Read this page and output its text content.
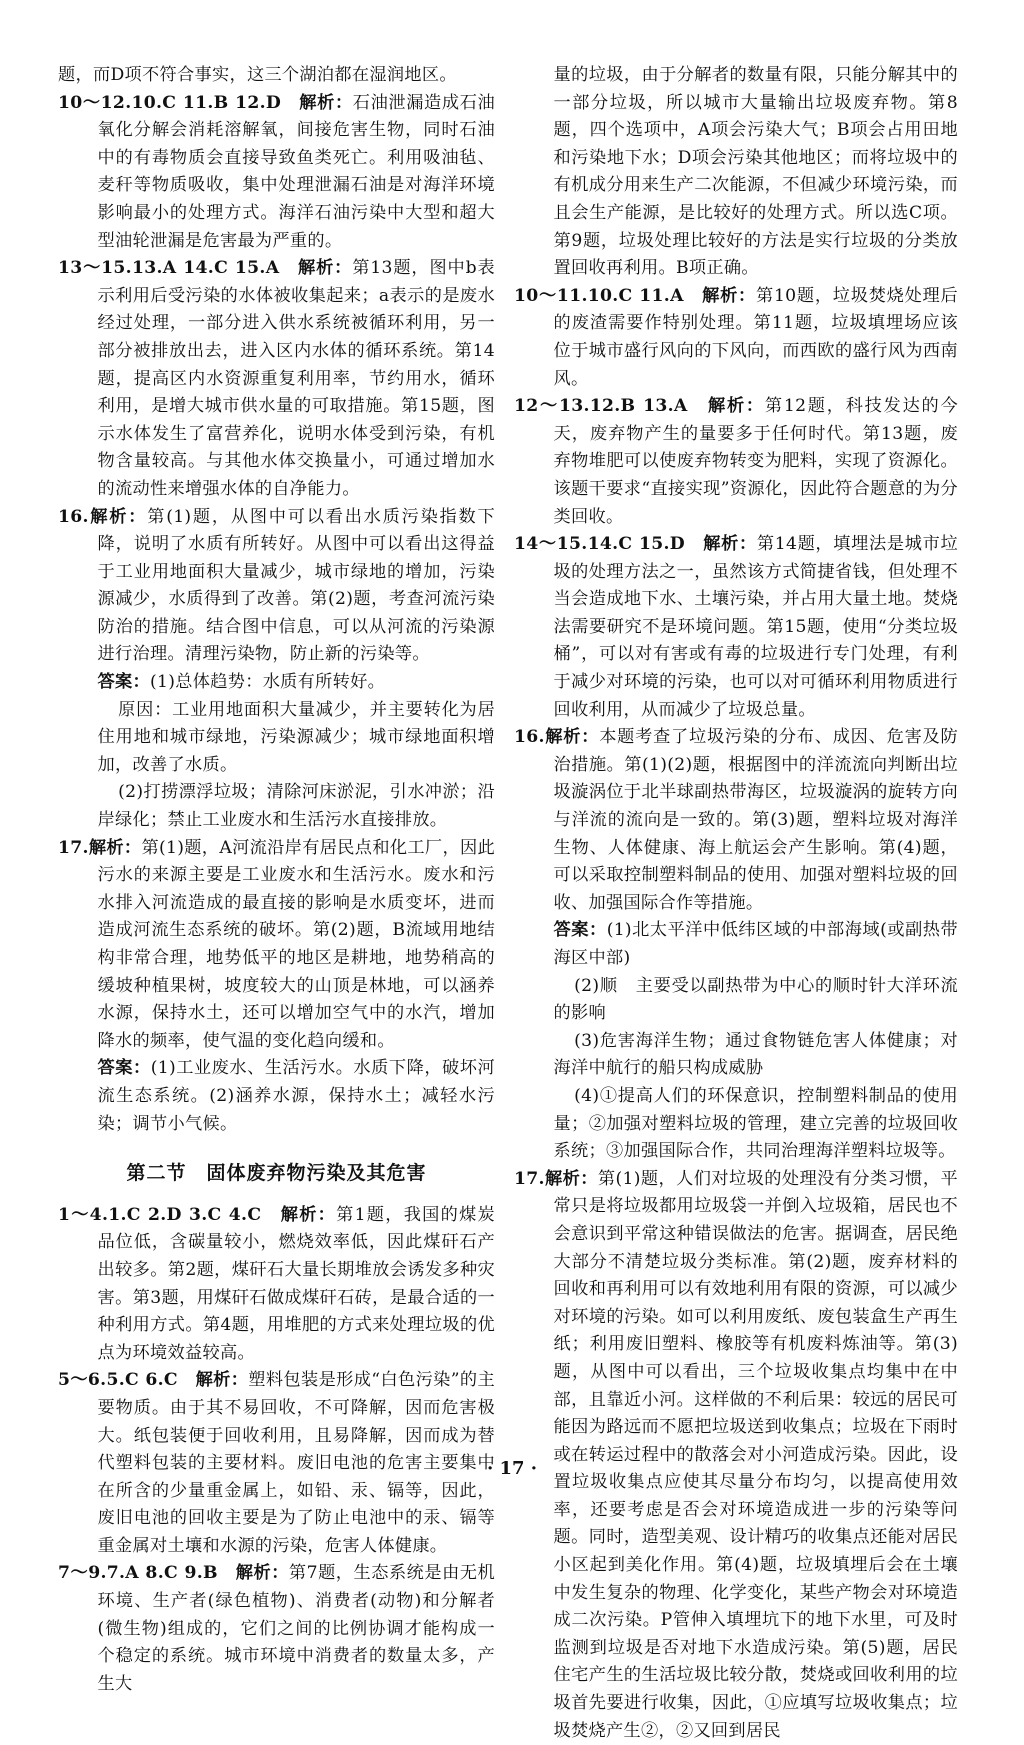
题，而D项不符合事实，这三个湖泊都在湿润地区。

10～12.10.C 11.B 12.D　 解析：石油泄漏造成石油氧化分解会消耗溶解氧，间接危害生物，同时石油中的有毒物质会直接导致鱼类死亡。利用吸油毡、麦秆等物质吸收，集中处理泄漏石油是对海洋环境影响最小的处理方式。海洋石油污染中大型和超大型油轮泄漏是危害最为严重的。

13～15.13.A 14.C 15.A　 解析：第13题，图中b表示利用后受污染的水体被收集起来；a表示的是废水经过处理，一部分进入供水系统被循环利用，另一部分被排放出去，进入区内水体的循环系统。第14题，提高区内水资源重复利用率，节约用水，循环利用，是增大城市供水量的可取措施。第15题，图示水体发生了富营养化，说明水体受到污染，有机物含量较高。与其他水体交换量小，可通过增加水的流动性来增强水体的自净能力。

16.解析：第(1)题，从图中可以看出水质污染指数下降，说明了水质有所转好。从图中可以看出这得益于工业用地面积大量减少，城市绿地的增加，污染源减少，水质得到了改善。第(2)题，考查河流污染防治的措施。结合图中信息，可以从河流的污染源进行治理。清理污染物，防止新的污染等。

答案：(1)总体趋势：水质有所转好。

原因：工业用地面积大量减少，并主要转化为居住用地和城市绿地，污染源减少；城市绿地面积增加，改善了水质。

(2)打捞漂浮垃圾；清除河床淤泥，引水冲淤；沿岸绿化；禁止工业废水和生活污水直接排放。

17.解析：第(1)题，A河流沿岸有居民点和化工厂，因此污水的来源主要是工业废水和生活污水。废水和污水排入河流造成的最直接的影响是水质变坏，进而造成河流生态系统的破坏。第(2)题，B流域用地结构非常合理，地势低平的地区是耕地，地势稍高的缓坡种植果树，坡度较大的山顶是林地，可以涵养水源，保持水土，还可以增加空气中的水汽，增加降水的频率，使气温的变化趋向缓和。

答案：(1)工业废水、生活污水。水质下降，破坏河流生态系统。(2)涵养水源，保持水土；减轻水污染；调节小气候。

第二节　固体废弃物污染及其危害

1～4.1.C 2.D 3.C 4.C　 解析：第1题，我国的煤炭品位低，含碳量较小，燃烧效率低，因此煤矸石产出较多。第2题，煤矸石大量长期堆放会诱发多种灾害。第3题，用煤矸石做成煤矸石砖，是最合适的一种利用方式。第4题，用堆肥的方式来处理垃圾的优点为环境效益较高。

5～6.5.C 6.C　 解析：塑料包装是形成“白色污染”的主要物质。由于其不易回收，不可降解，因而危害极大。纸包装便于回收利用，且易降解，因而成为替代塑料包装的主要材料。废旧电池的危害主要集中在所含的少量重金属上，如铅、汞、镉等，因此，废旧电池的回收主要是为了防止电池中的汞、镉等重金属对土壤和水源的污染，危害人体健康。

7～9.7.A 8.C 9.B　 解析：第7题，生态系统是由无机环境、生产者(绿色植物)、消费者(动物)和分解者(微生物)组成的，它们之间的比例协调才能构成一个稳定的系统。城市环境中消费者的数量太多，产生大

量的垃圾，由于分解者的数量有限，只能分解其中的一部分垃圾，所以城市大量输出垃圾废弃物。第8题，四个选项中，A项会污染大气；B项会占用田地和污染地下水；D项会污染其他地区；而将垃圾中的有机成分用来生产二次能源，不但减少环境污染，而且会生产能源，是比较好的处理方式。所以选C项。第9题，垃圾处理比较好的方法是实行垃圾的分类放置回收再利用。B项正确。

10～11.10.C 11.A　 解析：第10题，垃圾焚烧处理后的废渣需要作特别处理。第11题，垃圾填埋场应该位于城市盛行风向的下风向，而西欧的盛行风为西南风。

12～13.12.B 13.A　 解析：第12题，科技发达的今天，废弃物产生的量要多于任何时代。第13题，废弃物堆肥可以使废弃物转变为肥料，实现了资源化。该题干要求“直接实现”资源化，因此符合题意的为分类回收。

14～15.14.C 15.D　 解析：第14题，填埋法是城市垃圾的处理方法之一，虽然该方式简捷省钱，但处理不当会造成地下水、土壤污染，并占用大量土地。焚烧法需要研究不是环境问题。第15题，使用“分类垃圾桶”，可以对有害或有毒的垃圾进行专门处理，有利于减少对环境的污染，也可以对可循环利用物质进行回收利用，从而减少了垃圾总量。

16.解析：本题考查了垃圾污染的分布、成因、危害及防治措施。第(1)(2)题，根据图中的洋流流向判断出垃圾漩涡位于北半球副热带海区，垃圾漩涡的旋转方向与洋流的流向是一致的。第(3)题，塑料垃圾对海洋生物、人体健康、海上航运会产生影响。第(4)题，可以采取控制塑料制品的使用、加强对塑料垃圾的回收、加强国际合作等措施。

答案：(1)北太平洋中低纬区域的中部海域(或副热带海区中部)

(2)顺　主要受以副热带为中心的顺时针大洋环流的影响

(3)危害海洋生物；通过食物链危害人体健康；对海洋中航行的船只构成威胁

(4)①提高人们的环保意识，控制塑料制品的使用量；②加强对塑料垃圾的管理，建立完善的垃圾回收系统；③加强国际合作，共同治理海洋塑料垃圾等。

17.解析：第(1)题，人们对垃圾的处理没有分类习惯，平常只是将垃圾都用垃圾袋一并倒入垃圾箱，居民也不会意识到平常这种错误做法的危害。据调查，居民绝大部分不清楚垃圾分类标准。第(2)题，废弃材料的回收和再利用可以有效地利用有限的资源，可以减少对环境的污染。如可以利用废纸、废包装盒生产再生纸；利用废旧塑料、橡胶等有机废料炼油等。第(3)题，从图中可以看出，三个垃圾收集点均集中在中部，且靠近小河。这样做的不利后果：较远的居民可能因为路远而不愿把垃圾送到收集点；垃圾在下雨时或在转运过程中的散落会对小河造成污染。因此，设置垃圾收集点应使其尽量分布均匀，以提高使用效率，还要考虑是否会对环境造成进一步的污染等问题。同时，造型美观、设计精巧的收集点还能对居民小区起到美化作用。第(4)题，垃圾填埋后会在土壤中发生复杂的物理、化学变化，某些产物会对环境造成二次污染。P管伸入填埋坑下的地下水里，可及时监测到垃圾是否对地下水造成污染。第(5)题，居民住宅产生的生活垃圾比较分散，焚烧或回收利用的垃圾首先要进行收集，因此，①应填写垃圾收集点；垃圾焚烧产生②，②又回到居民

· 17 ·
